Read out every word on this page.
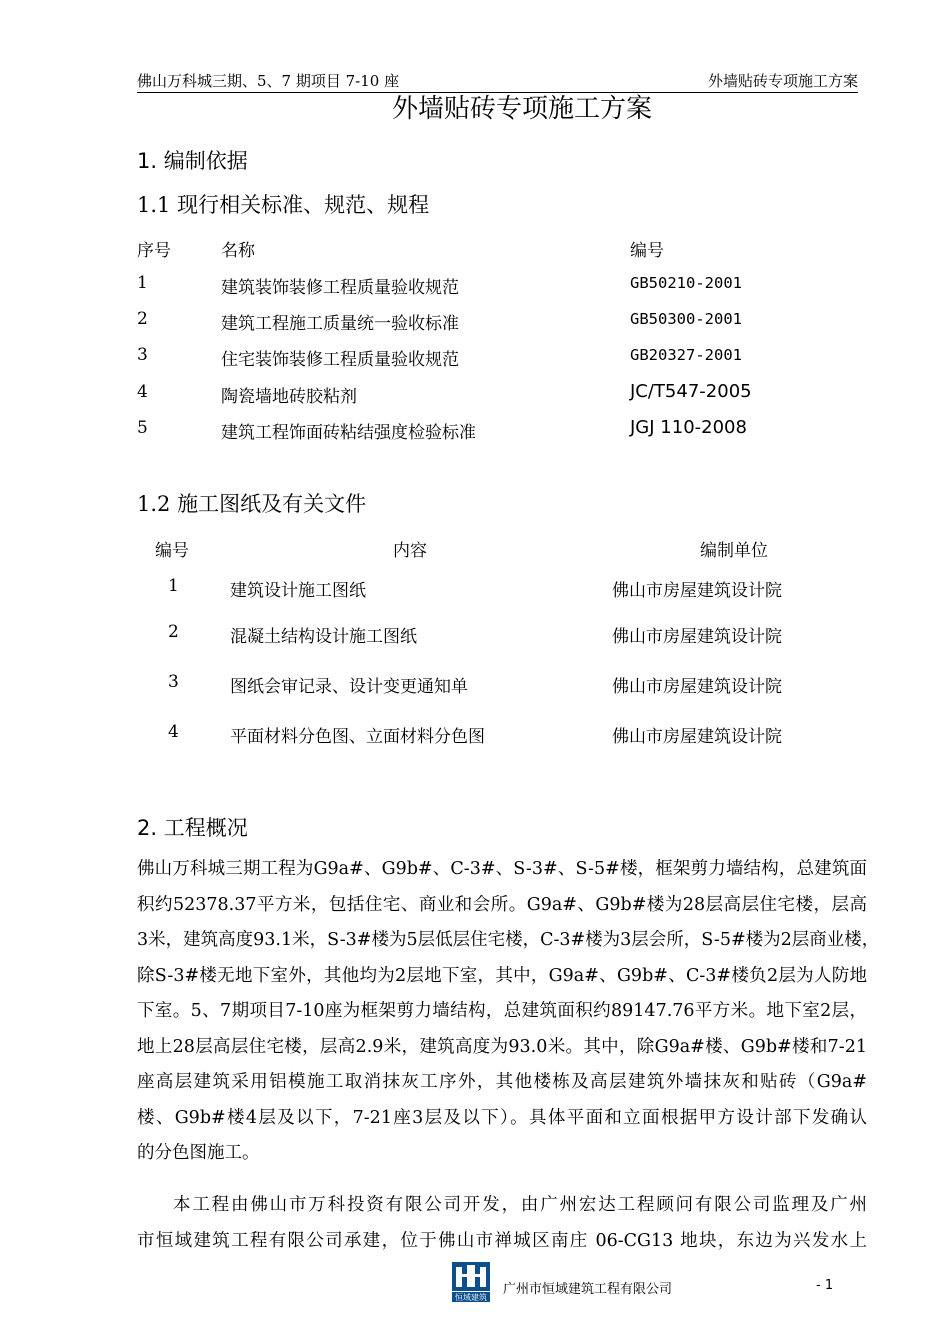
佛山万科城三期、5、7 期项目 7-10 座	外墙贴砖专项施工方案
外墙贴砖专项施工方案
1. 编制依据
1.1 现行相关标准、规范、规程
序号	名称	编号
1	建筑装饰装修工程质量验收规范	GB50210-2001
2	建筑工程施工质量统一验收标准	GB50300-2001
3	住宅装饰装修工程质量验收规范	GB20327-2001
4	陶瓷墙地砖胶粘剂	JC/T547-2005
5	建筑工程饰面砖粘结强度检验标准	JGJ 110-2008
1.2 施工图纸及有关文件
编号	内容	编制单位
1	建筑设计施工图纸	佛山市房屋建筑设计院
2	混凝土结构设计施工图纸	佛山市房屋建筑设计院
3	图纸会审记录、设计变更通知单	佛山市房屋建筑设计院
4	平面材料分色图、立面材料分色图	佛山市房屋建筑设计院
2. 工程概况
佛山万科城三期工程为G9a#、G9b#、C-3#、S-3#、S-5#楼，框架剪力墙结构，总建筑面
积约52378.37平方米，包括住宅、商业和会所。G9a#、G9b#楼为28层高层住宅楼，层高
3米，建筑高度93.1米，S-3#楼为5层低层住宅楼，C-3#楼为3层会所，S-5#楼为2层商业楼，
除S-3#楼无地下室外，其他均为2层地下室，其中，G9a#、G9b#、C-3#楼负2层为人防地
下室。5、7期项目7-10座为框架剪力墙结构，总建筑面积约89147.76平方米。地下室2层，
地上28层高层住宅楼，层高2.9米，建筑高度为93.0米。其中，除G9a#楼、G9b#楼和7-21
座高层建筑采用铝模施工取消抹灰工序外，其他楼栋及高层建筑外墙抹灰和贴砖（G9a#
楼、G9b#楼4层及以下，7-21座3层及以下）。具体平面和立面根据甲方设计部下发确认
的分色图施工。
本工程由佛山市万科投资有限公司开发，由广州宏达工程顾问有限公司监理及广州
市恒域建筑工程有限公司承建，位于佛山市禅城区南庄 06-CG13 地块，东边为兴发水上
恒域建筑
广州市恒域建筑工程有限公司	- 1
